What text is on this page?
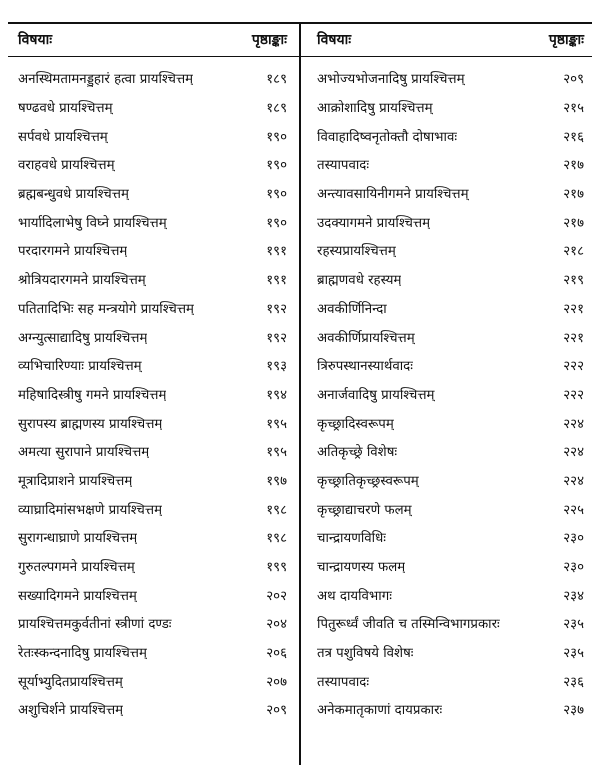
विषयाः	पृष्ठाङ्काः
अनस्थिमतामनड्डुहारं हत्वा प्रायश्चित्तम्	१८९
षण्ढवधे प्रायश्चित्तम्	१८९
सर्पवधे प्रायश्चित्तम्	१९०
वराहवधे प्रायश्चित्तम्	१९०
ब्रह्मबन्धुवधे प्रायश्चित्तम्	१९०
भार्यादिलाभेषु विघ्ने प्रायश्चित्तम्	१९०
परदारगमने प्रायश्चित्तम्	१९१
श्रोत्रियदारगमने प्रायश्चित्तम्	१९१
पतितादिभिः सह मन्त्रयोगे प्रायश्चित्तम्	१९२
अग्न्युत्साद्यादिषु प्रायश्चित्तम्	१९२
व्यभिचारिण्याः प्रायश्चित्तम्	१९३
महिषादिस्त्रीषु गमने प्रायश्चित्तम्	१९४
सुरापस्य ब्राह्मणस्य प्रायश्चित्तम्	१९५
अमत्या सुरापाने प्रायश्चित्तम्	१९५
मूत्रादिप्राशने प्रायश्चित्तम्	१९७
व्याघ्रादिमांसभक्षणे प्रायश्चित्तम्	१९८
सुरागन्धाघ्राणे प्रायश्चित्तम्	१९८
गुरुतल्पगमने प्रायश्चित्तम्	१९९
सख्यादिगमने प्रायश्चित्तम्	२०२
प्रायश्चित्तमकुर्वतीनां स्त्रीणां दण्डः	२०४
रेतःस्कन्दनादिषु प्रायश्चित्तम्	२०६
सूर्याभ्युदितप्रायश्चित्तम्	२०७
अशुचिर्शने प्रायश्चित्तम्	२०९
विषयाः	पृष्ठाङ्काः
अभोज्यभोजनादिषु प्रायश्चित्तम्	२०९
आक्रोशादिषु प्रायश्चित्तम्	२१५
विवाहादिष्वनृतोक्तौ दोषाभावः	२१६
तस्यापवादः	२१७
अन्त्यावसायिनीगमने प्रायश्चित्तम्	२१७
उदक्यागमने प्रायश्चित्तम्	२१७
रहस्यप्रायश्चित्तम्	२१८
ब्राह्मणवधे रहस्यम्	२१९
अवकीर्णिनिन्दा	२२१
अवकीर्णिप्रायश्चित्तम्	२२१
त्रिरुपस्थानस्यार्थवादः	२२२
अनार्जवादिषु प्रायश्चित्तम्	२२२
कृच्छ्रादिस्वरूपम्	२२४
अतिकृच्छ्रे विशेषः	२२४
कृच्छ्रातिकृच्छ्रस्वरूपम्	२२४
कृच्छ्राद्याचरणे फलम्	२२५
चान्द्रायणविधिः	२३०
चान्द्रायणस्य फलम्	२३०
अथ दायविभागः	२३४
पितुरूर्ध्वं जीवति च तस्मिन्विभागप्रकारः	२३५
तत्र पशुविषये विशेषः	२३५
तस्यापवादः	२३६
अनेकमातृकाणां दायप्रकारः	२३७
